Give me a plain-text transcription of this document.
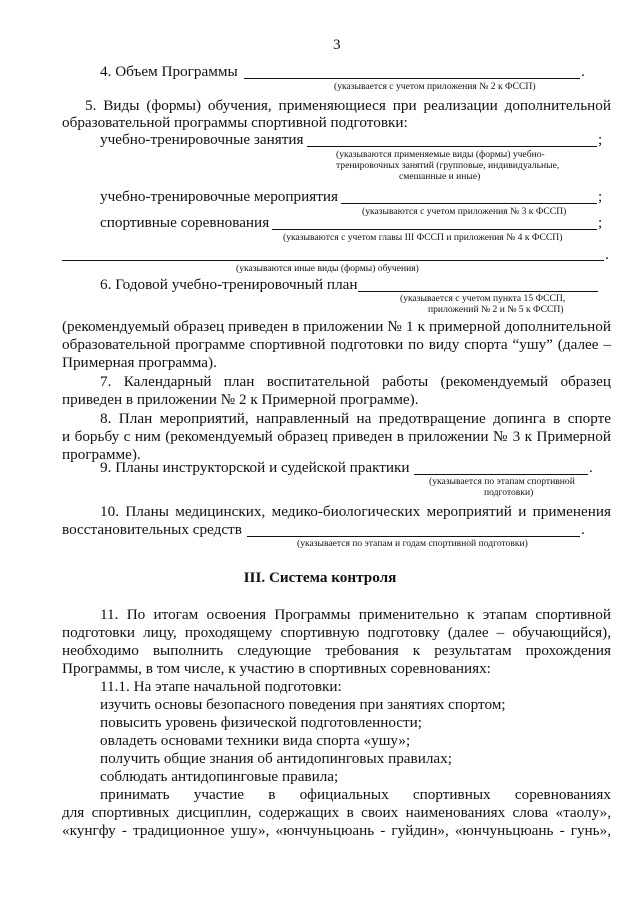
3
4. Объем Программы	.
(указывается с учетом приложения № 2 к ФССП)
5. Виды (формы) обучения, применяющиеся при реализации дополнительной
образовательной программы спортивной подготовки:
учебно-тренировочные занятия	;
(указываются применяемые виды (формы) учебно-
тренировочных занятий (групповые, индивидуальные,
смешанные и иные)
учебно-тренировочные мероприятия	;
(указываются с учетом приложения № 3 к ФССП)
спортивные соревнования	;
(указываются с учетом главы III ФССП и приложения № 4 к ФССП)
.
(указываются иные виды (формы) обучения)
6. Годовой учебно-тренировочный план
(указывается с учетом пункта 15 ФССП,
приложений № 2 и № 5 к ФССП)
(рекомендуемый образец приведен в приложении № 1 к примерной дополнительной
образовательной программе спортивной подготовки по виду спорта “ушу” (далее –
Примерная программа).
7. Календарный план воспитательной работы (рекомендуемый образец
приведен в приложении № 2 к Примерной программе).
8. План мероприятий, направленный на предотвращение допинга в спорте
и борьбу с ним (рекомендуемый образец приведен в приложении № 3 к Примерной
программе).
9. Планы инструкторской и судейской практики	.
(указывается по этапам спортивной
подготовки)
10. Планы медицинских, медико-биологических мероприятий и применения
восстановительных средств	.
(указывается по этапам и годам спортивной подготовки)
III. Система контроля
11. По итогам освоения Программы применительно к этапам спортивной
подготовки лицу, проходящему спортивную подготовку (далее – обучающийся),
необходимо выполнить следующие требования к результатам прохождения
Программы, в том числе, к участию в спортивных соревнованиях:
11.1. На этапе начальной подготовки:
изучить основы безопасного поведения при занятиях спортом;
повысить уровень физической подготовленности;
овладеть основами техники вида спорта «ушу»;
получить общие знания об антидопинговых правилах;
соблюдать антидопинговые правила;
принимать участие в официальных спортивных соревнованиях
для спортивных дисциплин, содержащих в своих наименованиях слова «таолу»,
«кунгфу - традиционное ушу», «юнчуньцюань - гуйдин», «юнчуньцюань - гунь»,
